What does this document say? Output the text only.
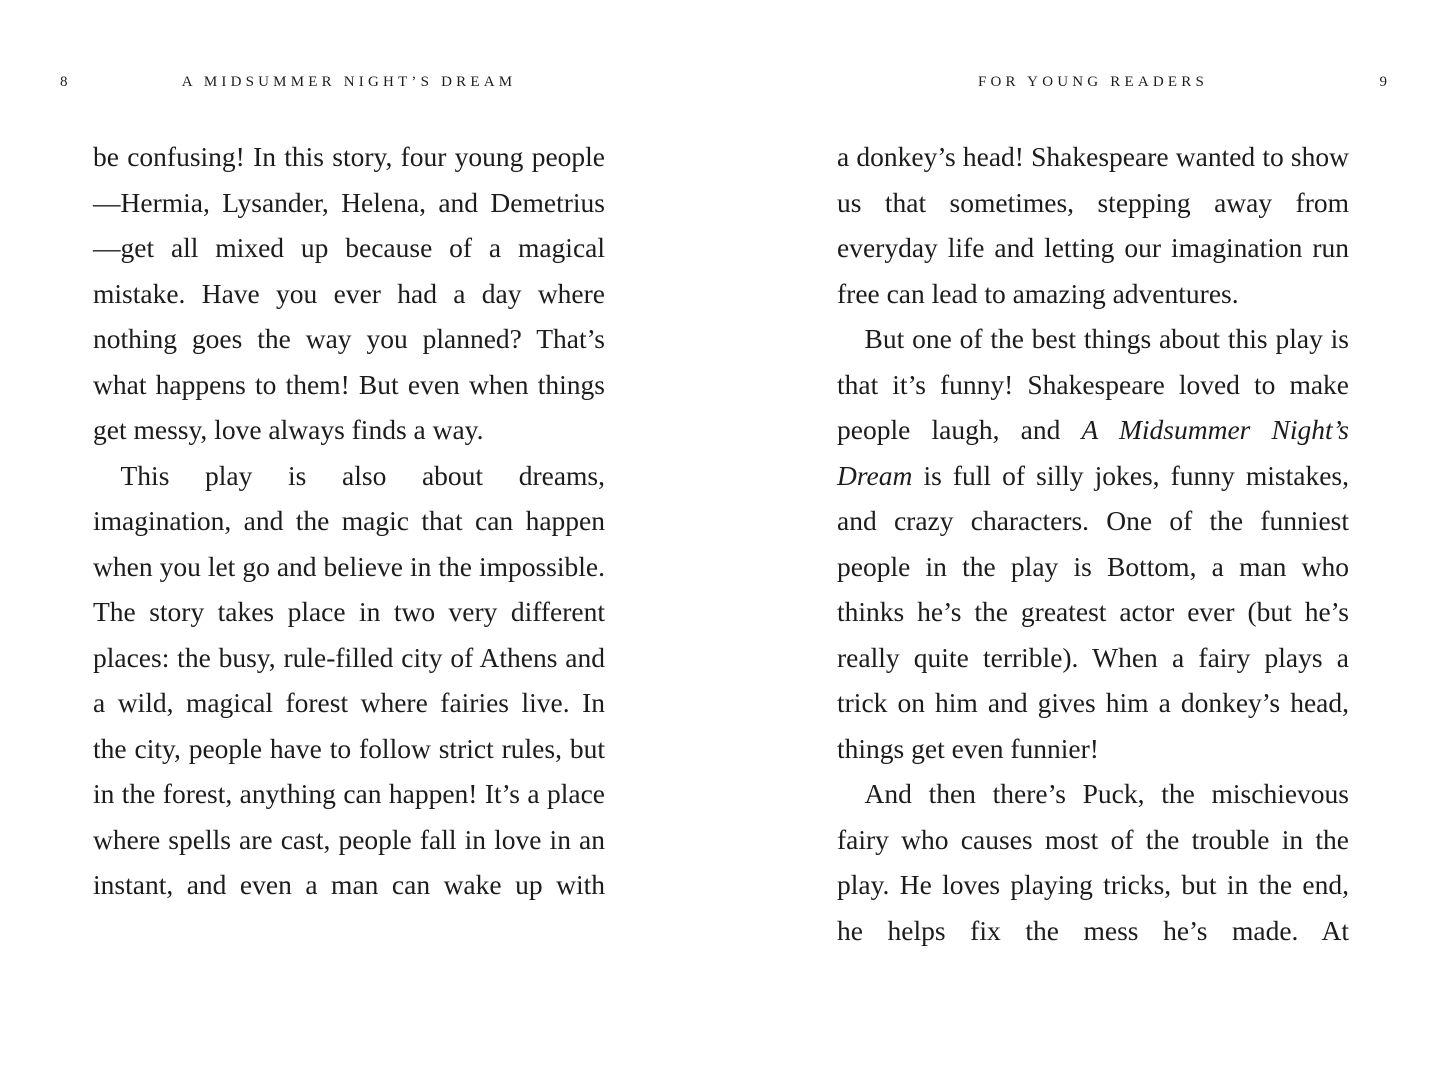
8	A MIDSUMMER NIGHT’S DREAM

be confusing! In this story, four young people—Hermia, Lysander, Helena, and Demetrius—get all mixed up because of a magical mistake. Have you ever had a day where nothing goes the way you planned? That’s what happens to them! But even when things get messy, love always finds a way.

This play is also about dreams, imagination, and the magic that can happen when you let go and believe in the impossible. The story takes place in two very different places: the busy, rule-filled city of Athens and a wild, magical forest where fairies live. In the city, people have to follow strict rules, but in the forest, anything can happen! It’s a place where spells are cast, people fall in love in an instant, and even a man can wake up with

FOR YOUNG READERS	9

a donkey’s head! Shakespeare wanted to show us that sometimes, stepping away from everyday life and letting our imagination run free can lead to amazing adventures.

But one of the best things about this play is that it’s funny! Shakespeare loved to make people laugh, and A Midsummer Night’s Dream is full of silly jokes, funny mistakes, and crazy characters. One of the funniest people in the play is Bottom, a man who thinks he’s the greatest actor ever (but he’s really quite terrible). When a fairy plays a trick on him and gives him a donkey’s head, things get even funnier!

And then there’s Puck, the mischievous fairy who causes most of the trouble in the play. He loves playing tricks, but in the end, he helps fix the mess he’s made. At
